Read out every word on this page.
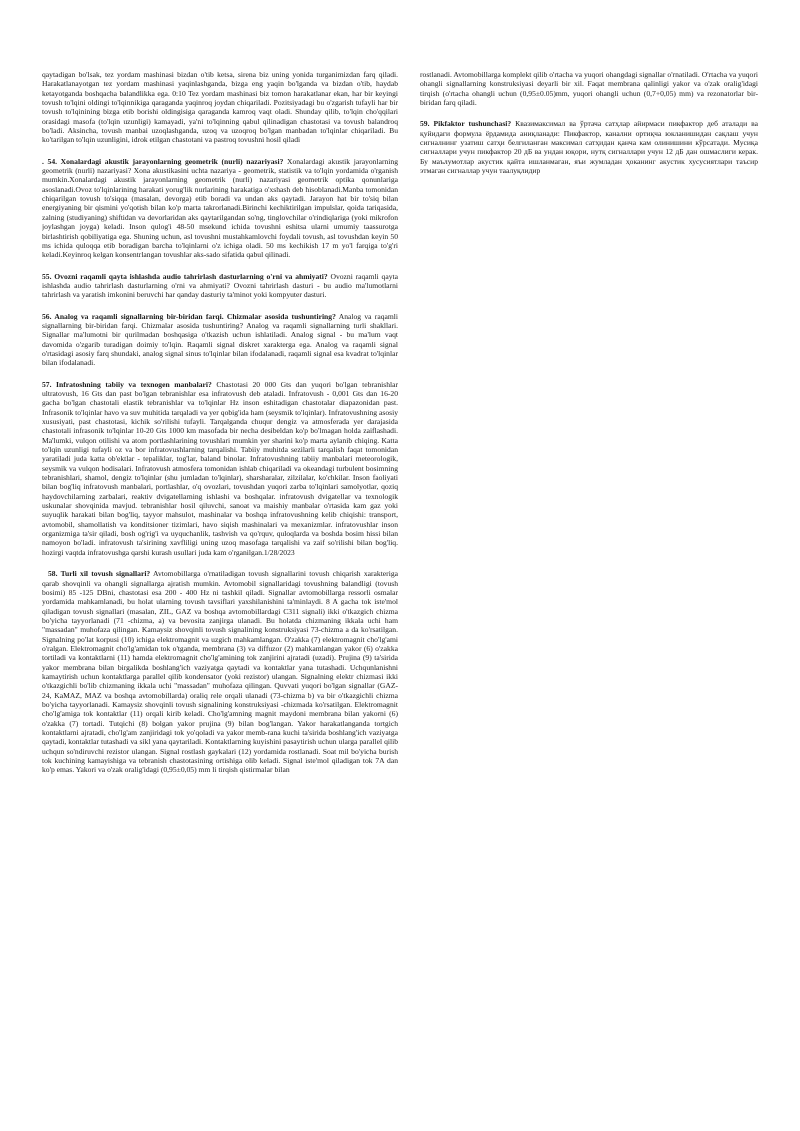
qaytadigan bo'lsak, tez yordam mashinasi bizdan o'tib ketsa, sirena biz uning yonida turganimizdan farq qiladi. Harakatlanayotgan tez yordam mashinasi yaqinlashganda, bizga eng yaqin bo'lganda va bizdan o'tib, haydab ketayotganda boshqacha balandlikka ega. 0:10 Tez yordam mashinasi biz tomon harakatlanar ekan, har bir keyingi tovush to'lqini oldingi to'lqinnikiga qaraganda yaqinroq joydan chiqariladi. Pozitsiyadagi bu o'zgarish tufayli har bir tovush to'lqinining bizga etib borishi oldingisiga qaraganda kamroq vaqt oladi. Shunday qilib, to'lqin cho'qqilari orasidagi masofa (to'lqin uzunligi) kamayadi, ya'ni to'lqinning qabul qilinadigan chastotasi va tovush balandroq bo'ladi. Aksincha, tovush manbai uzoqlashganda, uzoq va uzoqroq bo'lgan manbadan to'lqinlar chiqariladi. Bu ko'tarilgan to'lqin uzunligini, idrok etilgan chastotani va pastroq tovushni hosil qiladi

. 54. Xonalardagi akustik jarayonlarning geometrik (nurli) nazariyasi? Xonalardagi akustik jarayonlarning geometrik (nurli) nazariyasi? Xona akustikasini uchta nazariya - geometrik, statistik va to'lqin yordamida o'rganish mumkin.Xonalardagi akustik jarayonlarning geometrik (nurli) nazariyasi geometrik optika qonunlariga asoslanadi.Ovoz to'lqinlarining harakati yorug'lik nurlarining harakatiga o'xshash deb hisoblanadi.Manba tomonidan chiqarilgan tovush to'siqqa (masalan, devorga) etib boradi va undan aks qaytadi. Jarayon hat bir to'siq bilan energiyaning bir qismini yo'qotish bilan ko'p marta takrorlanadi.Birinchi kechiktirilgan impulslar, qoida tariqasida, zalning (studiyaning) shiftidan va devorlaridan aks qaytarilgandan so'ng, tinglovchilar o'rindiqlariga (yoki mikrofon joylashgan joyga) keladi. Inson qulog'i 48-50 msekund ichida tovushni eshitsa ularni umumiy taassurotga birlashtirish qobiliyatiga ega. Shuning uchun, asl tovushni mustahkamlovchi foydali tovush, asl tovushdan keyin 50 ms ichida quloqqa etib boradigan barcha to'lqinlarni o'z ichiga oladi. 50 ms kechikish 17 m yo'l farqiga to'g'ri keladi.Keyinroq kelgan konsentrlangan tovushlar aks-sado sifatida qabul qilinadi.

55. Ovozni raqamli qayta ishlashda audio tahrirlash dasturlarning o'rni va ahmiyati? Ovozni raqamli qayta ishlashda audio tahrirlash dasturlarning o'rni va ahmiyati? Ovozni tahrirlash dasturi - bu audio ma'lumotlarni tahrirlash va yaratish imkonini beruvchi har qanday dasturiy ta'minot yoki kompyuter dasturi.

56. Analog va raqamli signallarning bir-biridan farqi. Chizmalar asosida tushuntiring? Analog va raqamli signallarning bir-biridan farqi. Chizmalar asosida tushuntiring? Analog va raqamli signallarning turli shakllari. Signallar ma'lumotni bir qurilmadan boshqasiga o'tkazish uchun ishlatiladi. Analog signal - bu ma'lum vaqt davomida o'zgarib turadigan doimiy to'lqin. Raqamli signal diskret xarakterga ega. Analog va raqamli signal o'rtasidagi asosiy farq shundaki, analog signal sinus to'lqinlar bilan ifodalanadi, raqamli signal esa kvadrat to'lqinlar bilan ifodalanadi.

57. Infratoshning tabiiy va texnogen manbalari? Chastotasi 20 000 Gts dan yuqori bo'lgan tebranishlar ultratovush, 16 Gts dan past bo'lgan tebranishlar esa infratovush deb ataladi. Infratovush - 0,001 Gts dan 16-20 gacha bo'lgan chastotali elastik tebranishlar va to'lqinlar Hz inson eshitadigan chastotalar diapazonidan past. Infrasonik to'lqinlar havo va suv muhitida tarqaladi va yer qobig'ida ham (seysmik to'lqinlar). Infratovushning asosiy xususiyati, past chastotasi, kichik so'rilishi tufayli. Tarqalganda chuqur dengiz va atmosferada yer darajasida chastotali infrasonik to'lqinlar 10-20 Gts 1000 km masofada bir necha desibeldan ko'p bo'lmagan holda zaiflashadi. Ma'lumki, vulqon otilishi va atom portlashlarining tovushlari mumkin yer sharini ko'p marta aylanib chiqing. Katta to'lqin uzunligi tufayli oz va bor infratovushlarning tarqalishi. Tabiiy muhitda sezilarli tarqalish faqat tomonidan yaratiladi juda katta ob'ektlar - tepaliklar, tog'lar, baland binolar. Infratovushning tabiiy manbalari meteorologik, seysmik va vulqon hodisalari. Infratovush atmosfera tomonidan ishlab chiqariladi va okeandagi turbulent bosimning tebranishlari, shamol, dengiz to'lqinlar (shu jumladan to'lqinlar), sharsharalar, zilzilalar, ko'chkilar. Inson faoliyati bilan bog'liq infratovush manbalari, portlashlar, o'q ovozlari, tovushdan yuqori zarba to'lqinlari samolyotlar, qoziq haydovchilarning zarbalari, reaktiv dvigatellarning ishlashi va boshqalar. infratovush dvigatellar va texnologik uskunalar shovqinida mavjud. tebranishlar hosil qiluvchi, sanoat va maishiy manbalar o'rtasida kam gaz yoki suyuqlik harakati bilan bog'liq, tayyor mahsulot, mashinalar va boshqa infratovushning kelib chiqishi: transport, avtomobil, shamollatish va konditsioner tizimlari, havo siqish mashinalari va mexanizmlar. infratovushlar inson organizmiga ta'sir qiladi, bosh og'rig'i va uyquchanlik, tashvish va qo'rquv, quloqlarda va boshda bosim hissi bilan namoyon bo'ladi. infratovush ta'sirining xavfliligi uning uzoq masofaga tarqalishi va zaif so'rilishi bilan bog'liq. hozirgi vaqtda infratovushga qarshi kurash usullari juda kam o'rganilgan.1/28/2023

58. Turli xil tovush signallari? Avtomobillarga o'rnatiladigan tovush signallarini tovush chiqarish xarakteriga qarab shovqinli va ohangli signallarga ajratish mumkin. Avtomobil signallaridagi tovushning balandligi (tovush bosimi) 85 -125 DBni, chastotasi esa 200 - 400 Hz ni tashkil qiladi. Signallar avtomobillarga ressorli osmalar yordamida mahkamlanadi, bu holat ularning tovush tavsiflari yaxshilanishini ta'minlaydi. 8 A gacha tok iste'mol qiladigan tovush signallari (masalan, ZIL, GAZ va boshqa avtomobillardagi C311 signali) ikki o'tkazgich chizma bo'yicha tayyorlanadi (71 -chizma, a) va bevosita zanjirga ulanadi. Bu holatda chizmaning ikkala uchi ham "massadan" muhofaza qilingan. Kamaysiz shovqinli tovush signalining konstruksiyasi 73-chizma a da ko'rsatilgan. Signalning po'lat korpusi (10) ichiga elektromagnit va uzgich mahkamlangan. O'zakka (7) elektromagnit cho'lg'ami o'ralgan. Elektromagnit cho'lg'amidan tok o'tganda, membrana (3) va diffuzor (2) mahkamlangan yakor (6) o'zakka tortiladi va kontaktlarni (11) hamda elektromagnit cho'lg'amining tok zanjirini ajratadi (uzadi). Prujina (9) ta'sirida yakor membrana bilan birgalikda boshlang'ich vaziyatga qaytadi va kontaktlar yana tutashadi. Uchqunlanishni kamaytirish uchun kontaktlarga parallel qilib kondensator (yoki rezistor) ulangan. Signalning elektr chizmasi ikki o'tkazgichli bo'lib chizmaning ikkala uchi "massadan" muhofaza qilingan. Quvvati yuqori bo'lgan signallar (GAZ-24, KaMAZ, MAZ va boshqa avtomobillarda) oraliq rele orqali ulanadi (73-chizma b) va bir o'tkazgichli chizma bo'yicha tayyorlanadi. Kamaysiz shovqinli tovush signalining konstruksiyasi -chizmada ko'rsatilgan. Elektromagnit cho'lg'amiga tok kontaktlar (11) orqali kirib keladi. Cho'lg'amning magnit maydoni membrana bilan yakorni (6) o'zakka (7) tortadi. Tutqichi (8) bolgan yakor prujina (9) bilan bog'langan. Yakor harakatlanganda tortgich kontaktlarni ajratadi, cho'lg'am zanjiridagi tok yo'qoladi va yakor memb-rana kuchi ta'sirida boshlang'ich vaziyatga qaytadi, kontaktlar tutashadi va sikl yana qaytariladi. Kontaktlarning kuyishini pasaytirish uchun ularga parallel qilib uchqun so'ndiruvchi rezistor ulangan. Signal rostlash gaykalari (12) yordamida rostlanadi. Soat mil bo'yicha burish tok kuchining kamayishiga va tebranish chastotasining ortishiga olib keladi. Signal iste'mol qiladigan tok 7A dan ko'p emas. Yakori va o'zak oralig'idagi (0,95±0,05) mm li tirqish qistirmalar bilan

rostlanadi. Avtomobillarga komplekt qilib o'rtacha va yuqori ohangdagi signallar o'rnatiladi. O'rtacha va yuqori ohangli signallarning konstruksiyasi deyarli bir xil. Faqat membrana qalinligi yakor va o'zak oralig'idagi tirqish (o'rtacha ohangli uchun (0,95±0.05)mm, yuqori ohangli uchun (0,7+0,05) mm) va rezonatorlar bir-biridan farq qiladi.

59. Pikfaktor tushunchasi? Квазимаксимал ва ўртача сатҳлар айирмаси пикфактор деб аталади ва қуйидаги формула ёрдамида аниқланади: Пикфактор, канални ортиқча юкланишидан сақлаш учун сигналнинг узатиш сатҳи белгиланган максимал сатҳидан қанча кам олинишини кўрсатади. Мусиқа сигналлари учун пикфактор 20 дБ ва ундан юқори, нутқ сигналлари учун 12 дБ дан ошмаслиги керак. Бу маълумотлар акустик қайта ишланмаган, яъи жумладан ҳоканинг акустик хусусиятлари таъсир этмаган сигналлар учун таалуқлидир
